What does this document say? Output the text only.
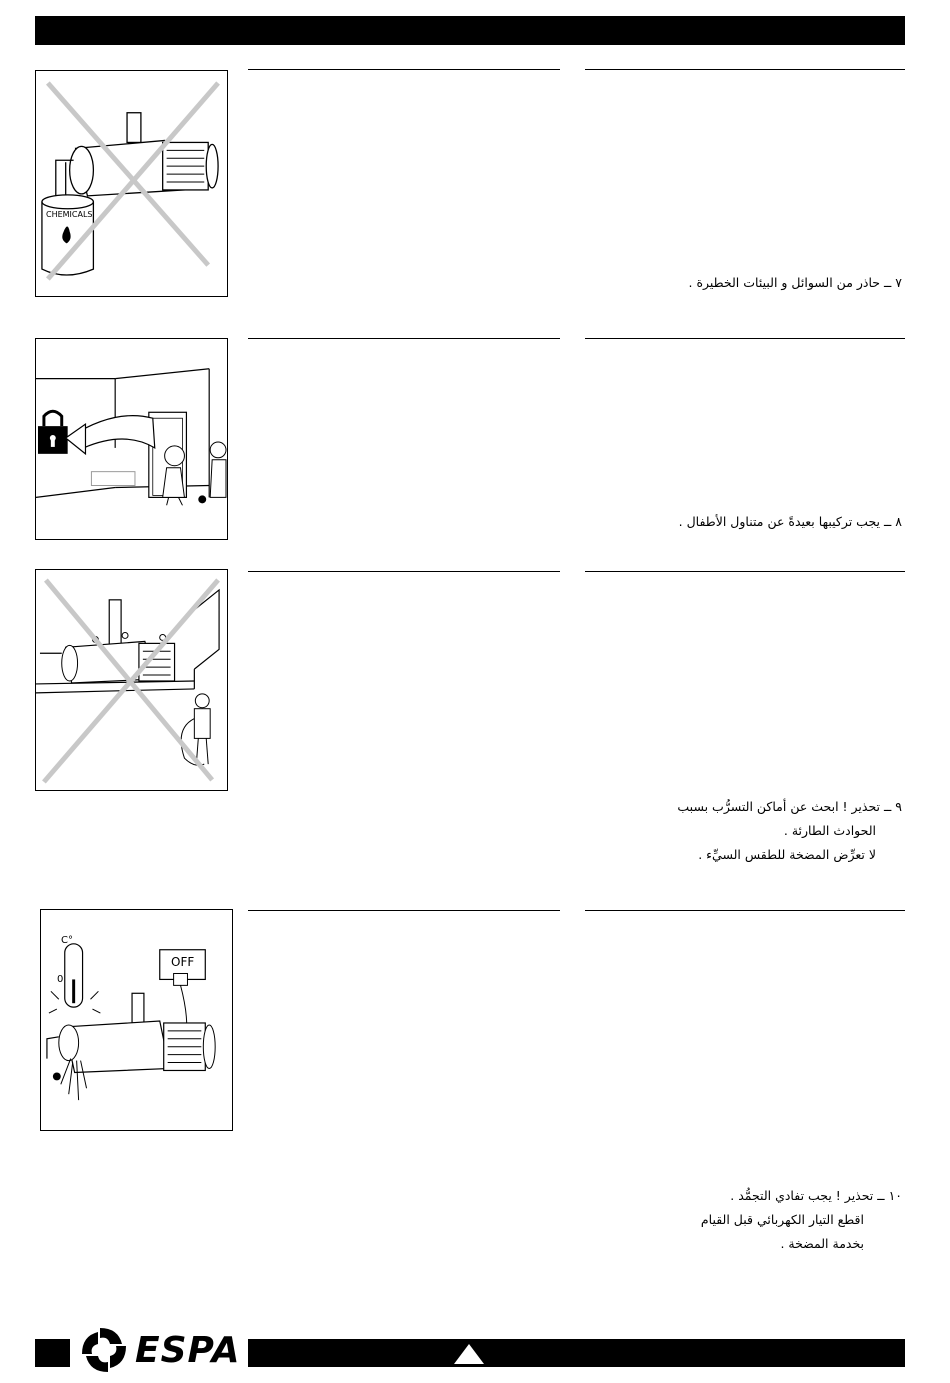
CHEMICALS
٧ ــ حاذر من السوائل و البيئات الخطيرة .
٨ ــ يجب تركيبها بعيدةً عن متناول الأطفال .
٩ ــ تحذير ! ابحث عن أماكن التسرُّب بسبب
الحوادث الطارئة .
لا تعرِّض المضخة للطقس السيِّء .
C°
0
OFF
١٠ ــ تحذير ! يجب تفادي التجمُّد .
اقطع التيار الكهربائي قبل القيام
بخدمة المضخة .
ESPA
